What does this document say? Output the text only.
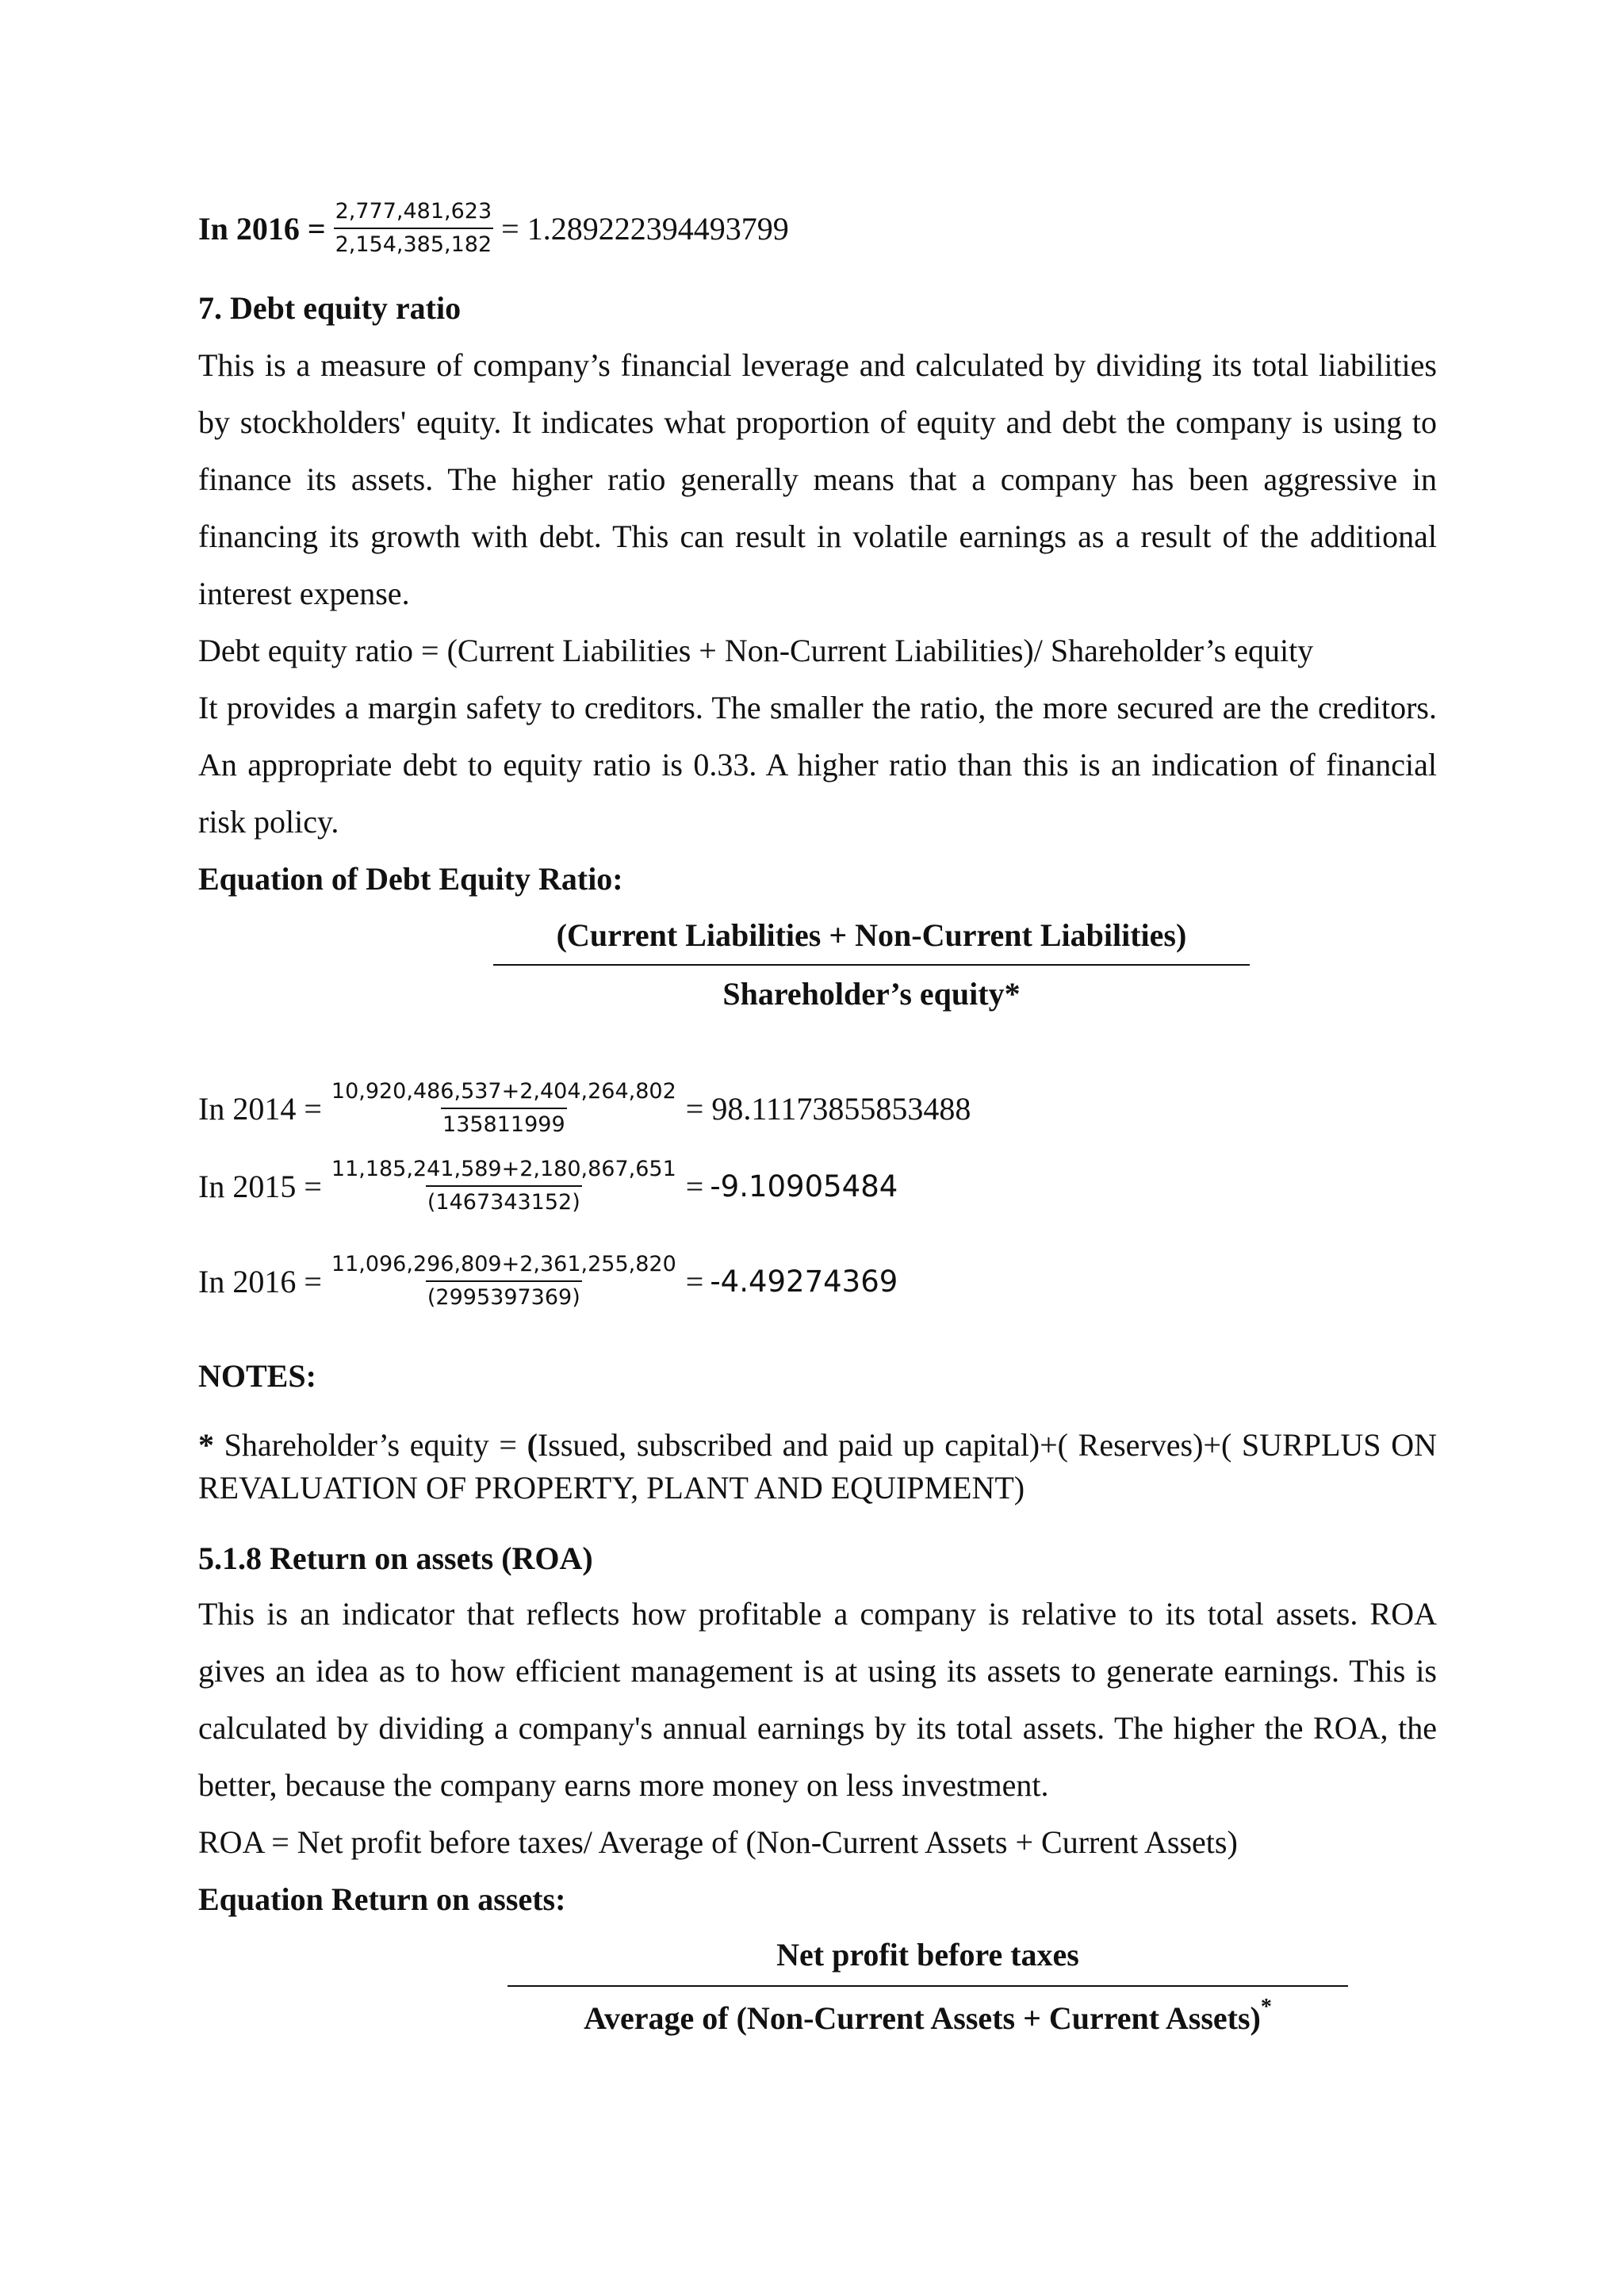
In $2016 = \frac{2,777,481,623}{2,154,385,182} = 1.289222394493799$
7. Debt equity ratio
This is a measure of company’s financial leverage and calculated by dividing its total liabilities by stockholders' equity. It indicates what proportion of equity and debt the company is using to finance its assets. The higher ratio generally means that a company has been aggressive in financing its growth with debt. This can result in volatile earnings as a result of the additional interest expense.
Debt equity ratio = (Current Liabilities + Non-Current Liabilities)/ Shareholder’s equity
It provides a margin safety to creditors. The smaller the ratio, the more secured are the creditors. An appropriate debt to equity ratio is 0.33. A higher ratio than this is an indication of financial risk policy.
Equation of Debt Equity Ratio:
(Current Liabilities + Non-Current Liabilities)
Shareholder’s equity*
In $2014 = \frac{10,920,486,537+2,404,264,802}{135811999} = 98.11173855853488$
In $2015 = \frac{11,185,241,589+2,180,867,651}{(1467343152)} = -9.10905484$
In $2016 = \frac{11,096,296,809+2,361,255,820}{(2995397369)} = -4.49274369$
NOTES:
* Shareholder’s equity = (Issued, subscribed and paid up capital)+( Reserves)+( SURPLUS ON REVALUATION OF PROPERTY, PLANT AND EQUIPMENT)
5.1.8 Return on assets (ROA)
This is an indicator that reflects how profitable a company is relative to its total assets. ROA gives an idea as to how efficient management is at using its assets to generate earnings. This is calculated by dividing a company's annual earnings by its total assets. The higher the ROA, the better, because the company earns more money on less investment.
ROA = Net profit before taxes/ Average of (Non-Current Assets + Current Assets)
Equation Return on assets:
Net profit before taxes
Average of (Non-Current Assets + Current Assets)*
